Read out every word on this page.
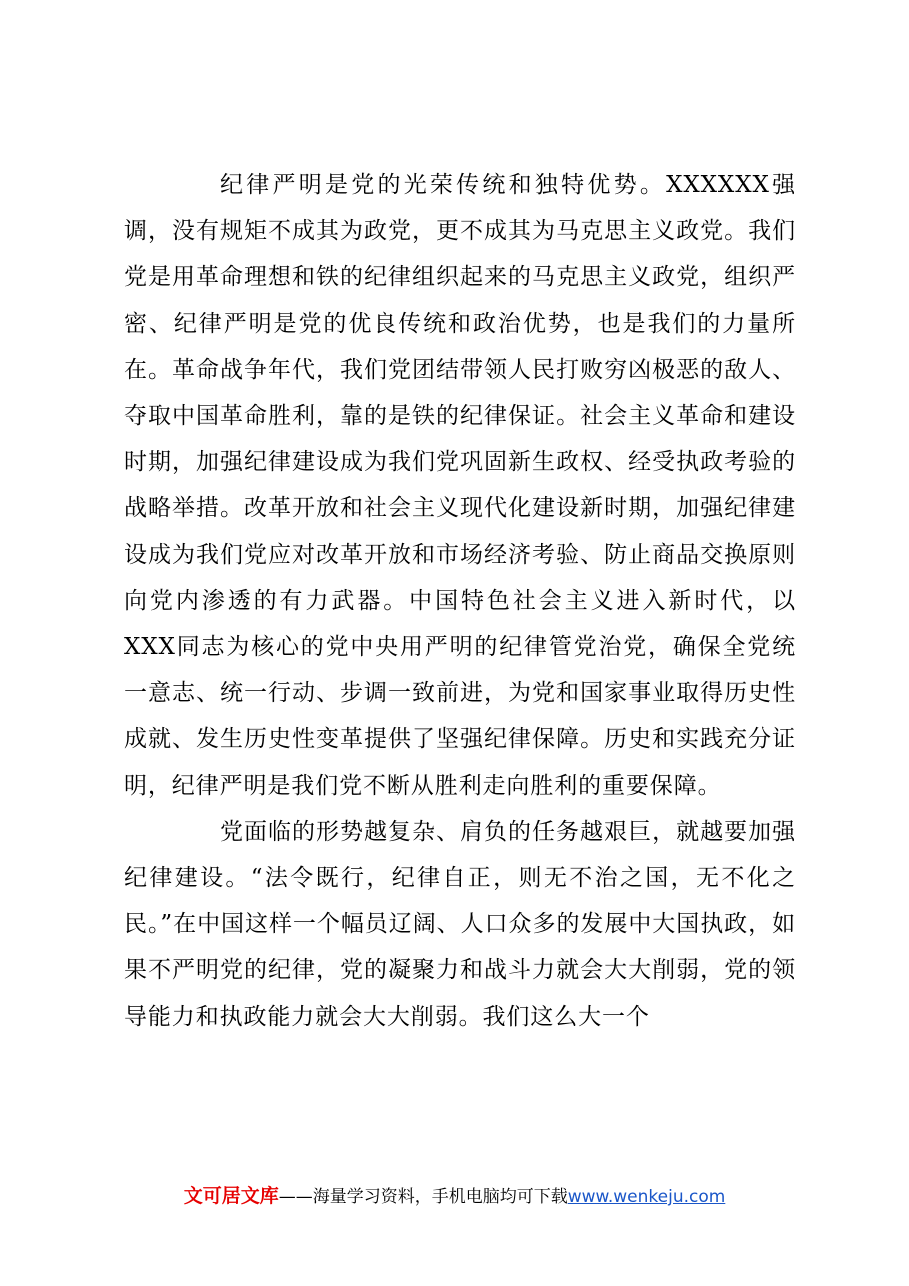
纪律严明是党的光荣传统和独特优势。XXXXXX强调，没有规矩不成其为政党，更不成其为马克思主义政党。我们党是用革命理想和铁的纪律组织起来的马克思主义政党，组织严密、纪律严明是党的优良传统和政治优势，也是我们的力量所在。革命战争年代，我们党团结带领人民打败穷凶极恶的敌人、夺取中国革命胜利，靠的是铁的纪律保证。社会主义革命和建设时期，加强纪律建设成为我们党巩固新生政权、经受执政考验的战略举措。改革开放和社会主义现代化建设新时期，加强纪律建设成为我们党应对改革开放和市场经济考验、防止商品交换原则向党内渗透的有力武器。中国特色社会主义进入新时代，以XXX同志为核心的党中央用严明的纪律管党治党，确保全党统一意志、统一行动、步调一致前进，为党和国家事业取得历史性成就、发生历史性变革提供了坚强纪律保障。历史和实践充分证明，纪律严明是我们党不断从胜利走向胜利的重要保障。

党面临的形势越复杂、肩负的任务越艰巨，就越要加强纪律建设。“法令既行，纪律自正，则无不治之国，无不化之民。”在中国这样一个幅员辽阔、人口众多的发展中大国执政，如果不严明党的纪律，党的凝聚力和战斗力就会大大削弱，党的领导能力和执政能力就会大大削弱。我们这么大一个

文可居文库——海量学习资料，手机电脑均可下载www.wenkeju.com
